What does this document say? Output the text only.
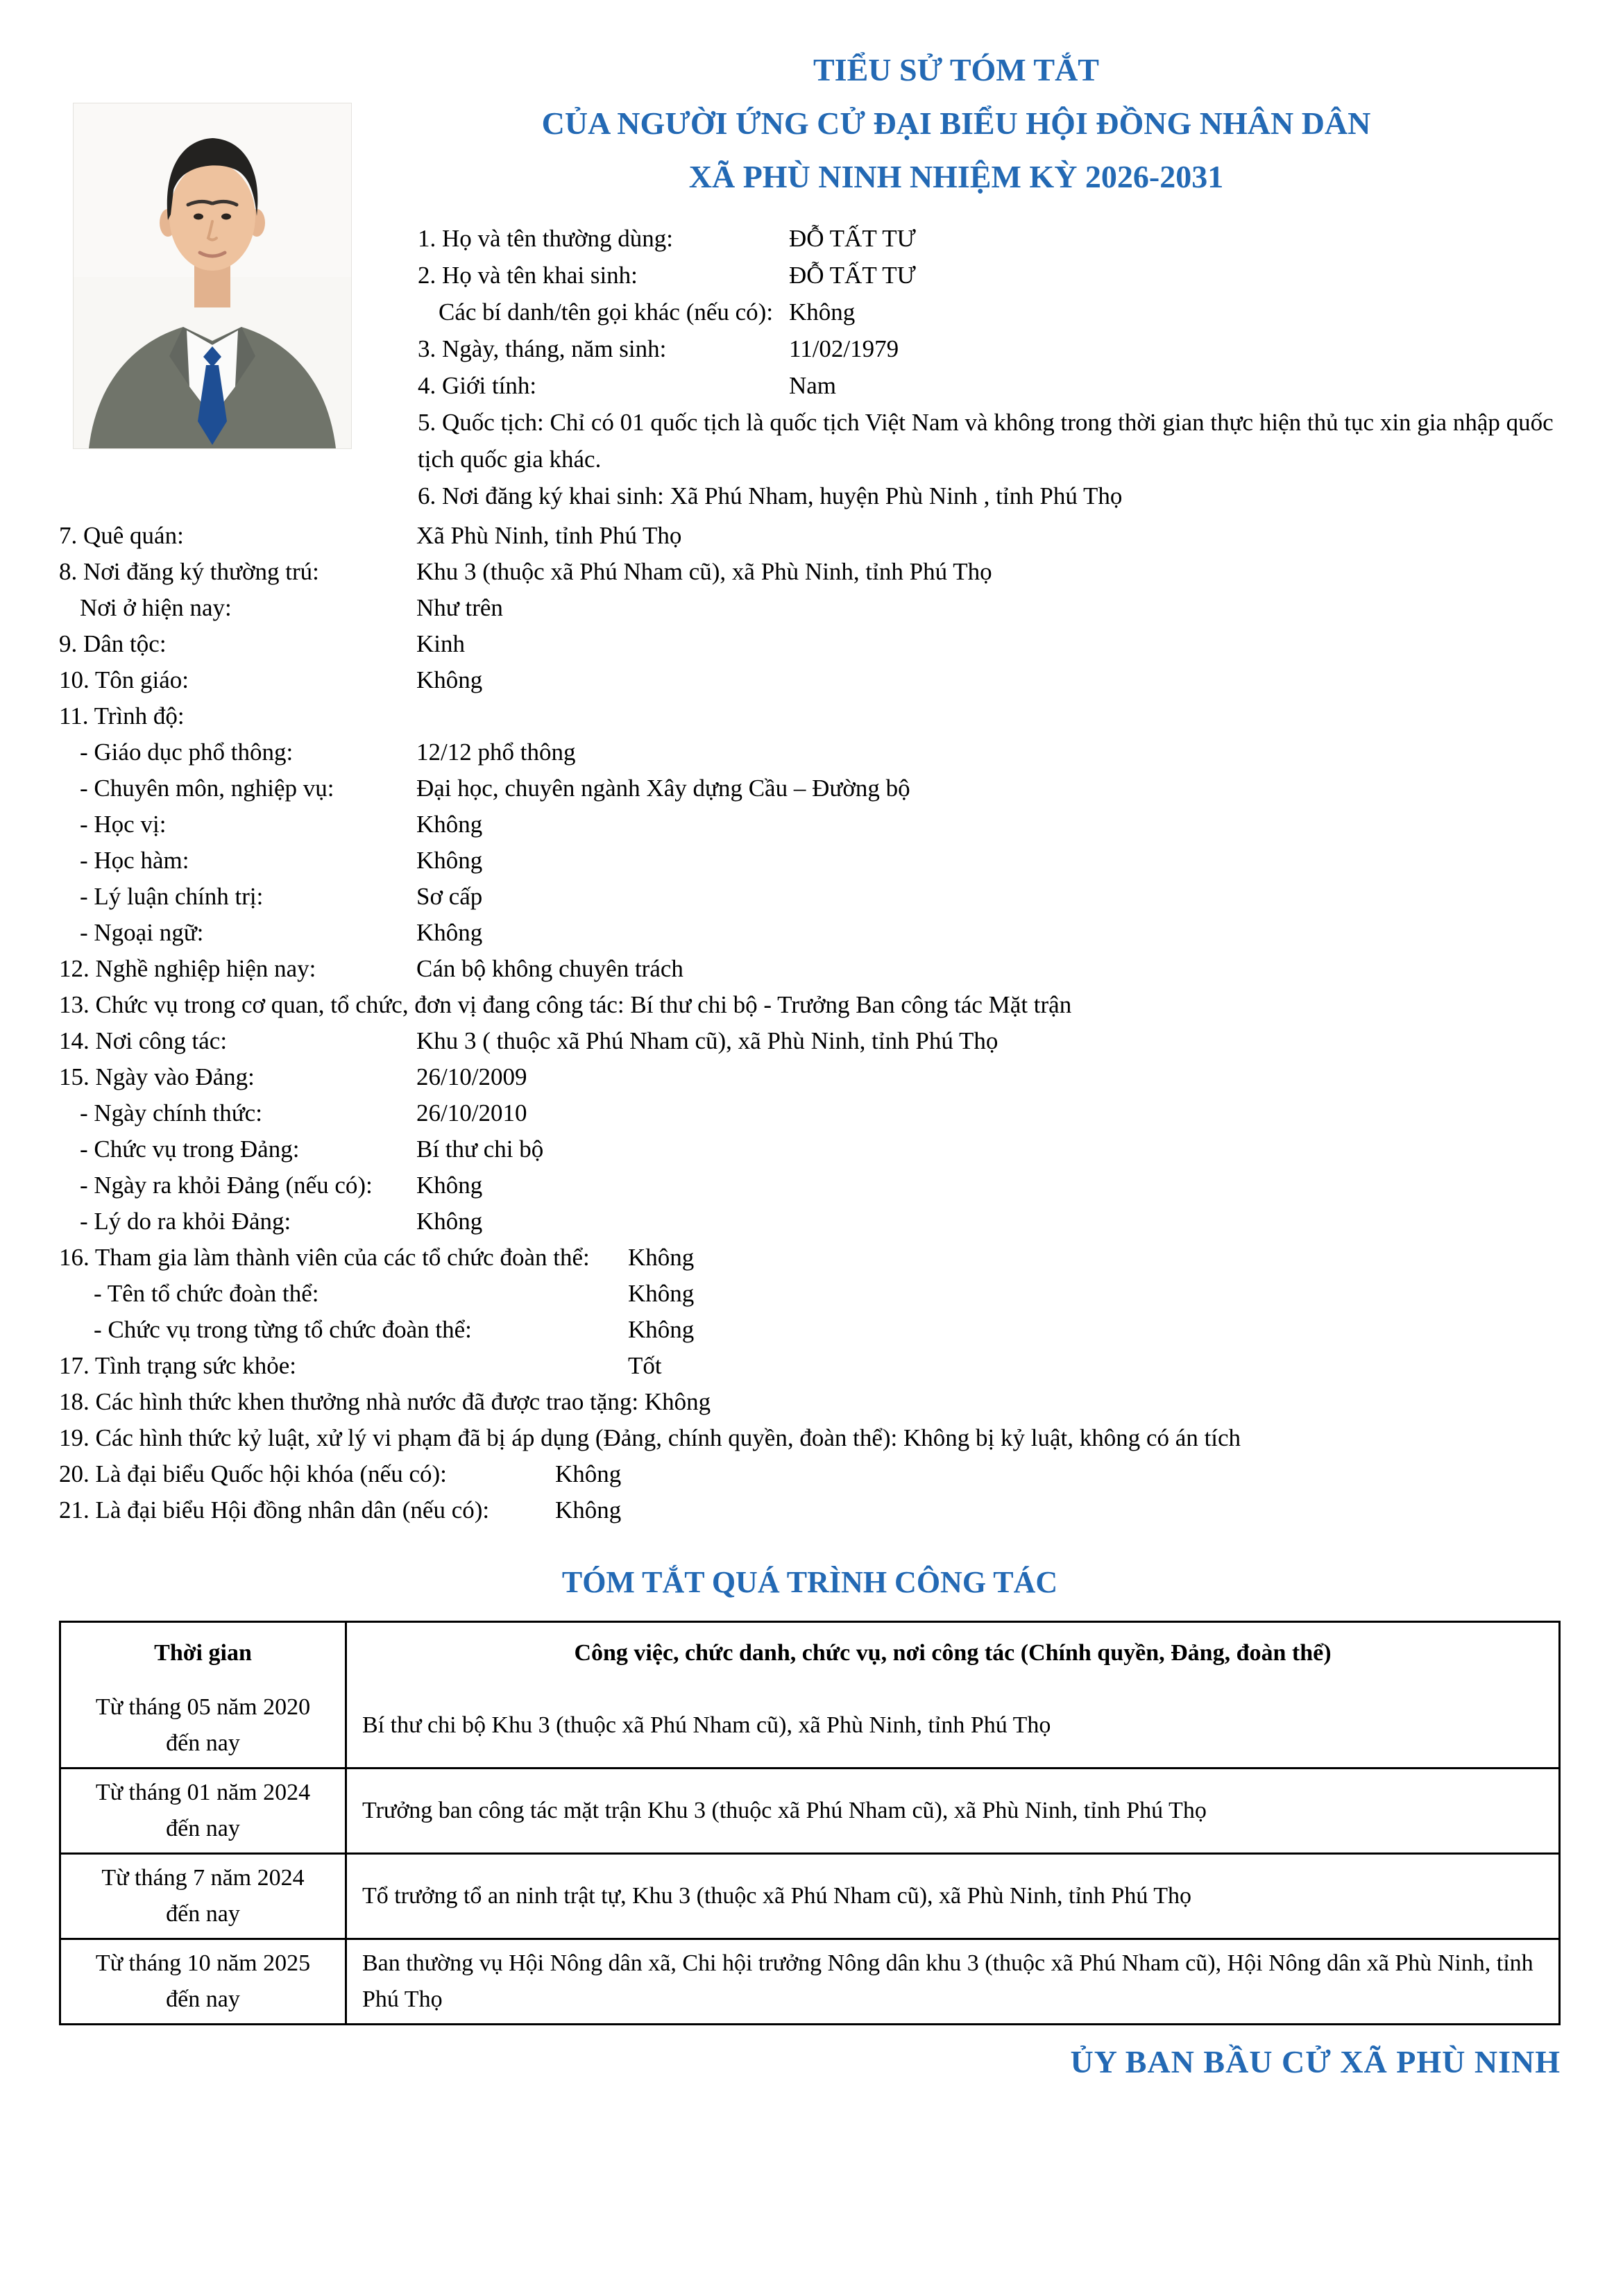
TIỂU SỬ TÓM TẮT
CỦA NGƯỜI ỨNG CỬ ĐẠI BIỂU HỘI ĐỒNG NHÂN DÂN
XÃ PHÙ NINH NHIỆM KỲ 2026-2031
1. Họ và tên thường dùng:	ĐỖ TẤT TƯ
2. Họ và tên khai sinh:	ĐỖ TẤT TƯ
Các bí danh/tên gọi khác (nếu có): Không
3. Ngày, tháng, năm sinh:	11/02/1979
4. Giới tính:	Nam
5. Quốc tịch: Chỉ có 01 quốc tịch là quốc tịch Việt Nam và không trong thời gian thực hiện thủ tục xin gia nhập quốc tịch quốc gia khác.
6. Nơi đăng ký khai sinh: Xã Phú Nham, huyện Phù Ninh , tỉnh Phú Thọ
7. Quê quán:	Xã Phù Ninh, tỉnh Phú Thọ
8. Nơi đăng ký thường trú:	Khu 3 (thuộc xã Phú Nham cũ), xã Phù Ninh, tỉnh Phú Thọ
Nơi ở hiện nay:	Như trên
9. Dân tộc:	Kinh
10. Tôn giáo:	Không
11. Trình độ:
- Giáo dục phổ thông:	12/12 phổ thông
- Chuyên môn, nghiệp vụ:	Đại học, chuyên ngành Xây dựng Cầu – Đường bộ
- Học vị:	Không
- Học hàm:	Không
- Lý luận chính trị:	Sơ cấp
- Ngoại ngữ:	Không
12. Nghề nghiệp hiện nay:	Cán bộ không chuyên trách
13. Chức vụ trong cơ quan, tổ chức, đơn vị đang công tác: Bí thư chi bộ - Trưởng Ban công tác Mặt trận
14. Nơi công tác:	Khu 3 ( thuộc xã Phú Nham cũ), xã Phù Ninh, tỉnh Phú Thọ
15. Ngày vào Đảng:	26/10/2009
- Ngày chính thức:	26/10/2010
- Chức vụ trong Đảng:	Bí thư chi bộ
- Ngày ra khỏi Đảng (nếu có):	Không
- Lý do ra khỏi Đảng:	Không
16. Tham gia làm thành viên của các tổ chức đoàn thể:	Không
- Tên tổ chức đoàn thể:	Không
- Chức vụ trong từng tổ chức đoàn thể:	Không
17. Tình trạng sức khỏe:	Tốt
18. Các hình thức khen thưởng nhà nước đã được trao tặng: Không
19. Các hình thức kỷ luật, xử lý vi phạm đã bị áp dụng (Đảng, chính quyền, đoàn thể): Không bị kỷ luật, không có án tích
20. Là đại biểu Quốc hội khóa (nếu có):	Không
21. Là đại biểu Hội đồng nhân dân (nếu có):	Không
TÓM TẮT QUÁ TRÌNH CÔNG TÁC
Thời gian	Công việc, chức danh, chức vụ, nơi công tác (Chính quyền, Đảng, đoàn thể)
Từ tháng 05 năm 2020
đến nay
Bí thư chi bộ Khu 3 (thuộc xã Phú Nham cũ), xã Phù Ninh, tỉnh Phú Thọ
Từ tháng 01 năm 2024
đến nay
Trưởng ban công tác mặt trận Khu 3 (thuộc xã Phú Nham cũ), xã Phù Ninh, tỉnh Phú Thọ
Từ tháng 7 năm 2024
đến nay
Tổ trưởng tổ an ninh trật tự, Khu 3 (thuộc xã Phú Nham cũ), xã Phù Ninh, tỉnh Phú Thọ
Từ tháng 10 năm 2025
đến nay
Ban thường vụ Hội Nông dân xã, Chi hội trưởng Nông dân khu 3 (thuộc xã Phú Nham cũ), Hội Nông dân xã Phù Ninh, tỉnh Phú Thọ
ỦY BAN BẦU CỬ XÃ PHÙ NINH
